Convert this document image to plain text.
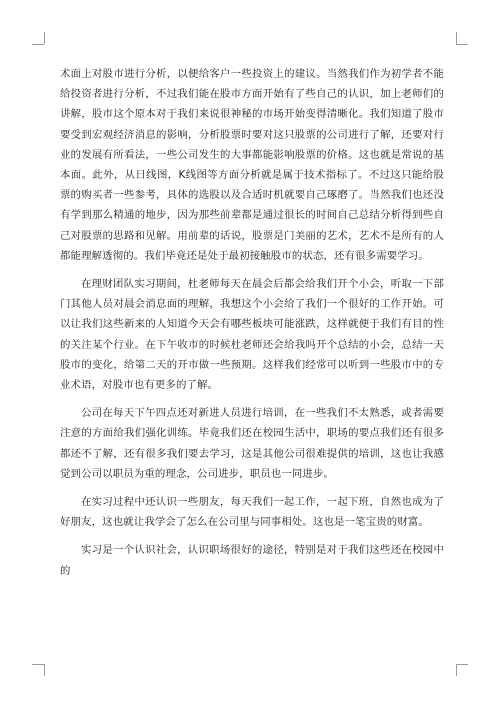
术面上对股市进行分析，以便给客户一些投资上的建议。当然我们作为初学者不能给投资者进行分析，不过我们能在股市方面开始有了些自己的认识，加上老师们的讲解，股市这个原本对于我们来说很神秘的市场开始变得清晰化。我们知道了股市要受到宏观经济消息的影响，分析股票时要对这只股票的公司进行了解，还要对行业的发展有所看法，一些公司发生的大事都能影响股票的价格。这也就是常说的基本面。此外，从日线图，K线图等方面分析就是属于技术指标了。不过这只能给股票的购买者一些参考，具体的选股以及合适时机就要自己琢磨了。当然我们也还没有学到那么精通的地步，因为那些前辈都是通过很长的时间自己总结分析得到些自己对股票的思路和见解。用前辈的话说，股票是门美丽的艺术，艺术不是所有的人都能理解透彻的。我们毕竟还是处于最初接触股市的状态，还有很多需要学习。

在理财团队实习期间，杜老师每天在晨会后都会给我们开个小会，听取一下部门其他人员对晨会消息面的理解，我想这个小会给了我们一个很好的工作开始。可以让我们这些新来的人知道今天会有哪些板块可能涨跌，这样就便于我们有目的性的关注某个行业。在下午收市的时候杜老师还会给我吗开个总结的小会，总结一天股市的变化，给第二天的开市做一些预期。这样我们经常可以听到一些股市中的专业术语，对股市也有更多的了解。

公司在每天下午四点还对新进人员进行培训，在一些我们不太熟悉，或者需要注意的方面给我们强化训练。毕竟我们还在校园生活中，职场的要点我们还有很多都还不了解，还有很多我们要去学习，这是其他公司很难提供的培训，这也让我感觉到公司以职员为重的理念，公司进步，职员也一同进步。

在实习过程中还认识一些朋友，每天我们一起工作，一起下班，自然也成为了好朋友，这也就让我学会了怎么在公司里与同事相处。这也是一笔宝贵的财富。

实习是一个认识社会，认识职场很好的途径，特别是对于我们这些还在校园中的
